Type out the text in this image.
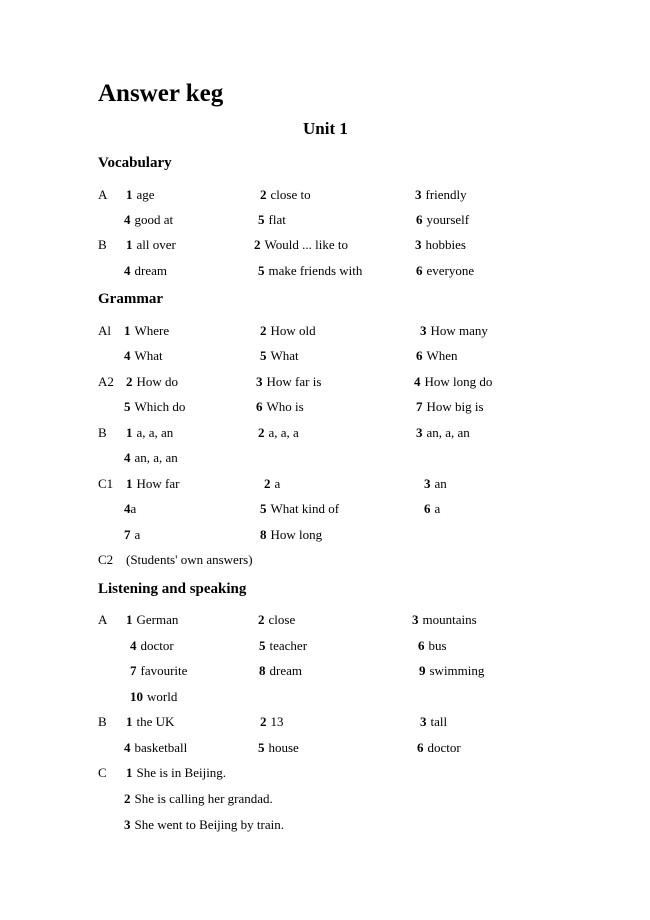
Answer keg
Unit 1
Vocabulary
A 1 age	2 close to	3 friendly
4 good at	5 flat	6 yourself
B 1 all over	2 Would ... like to	3 hobbies
4 dream	5 make friends with	6 everyone
Grammar
Al 1 Where	2 How old	3 How many
4 What	5 What	6 When
A2 2 How do	3 How far is	4 How long do
5 Which do	6 Who is	7 How big is
B 1 a, a, an	2 a, a, a	3 an, a, an
4 an, a, an
C1 1 How far	2 a	3 an
4a	5 What kind of	6 a
7 a	8 How long
C2 (Students' own answers)
Listening and speaking
A 1 German	2 close	3 mountains
4 doctor	5 teacher	6 bus
7 favourite	8 dream	9 swimming
10 world
B 1 the UK	2 13	3 tall
4 basketball	5 house	6 doctor
C 1 She is in Beijing.
2 She is calling her grandad.
3 She went to Beijing by train.
